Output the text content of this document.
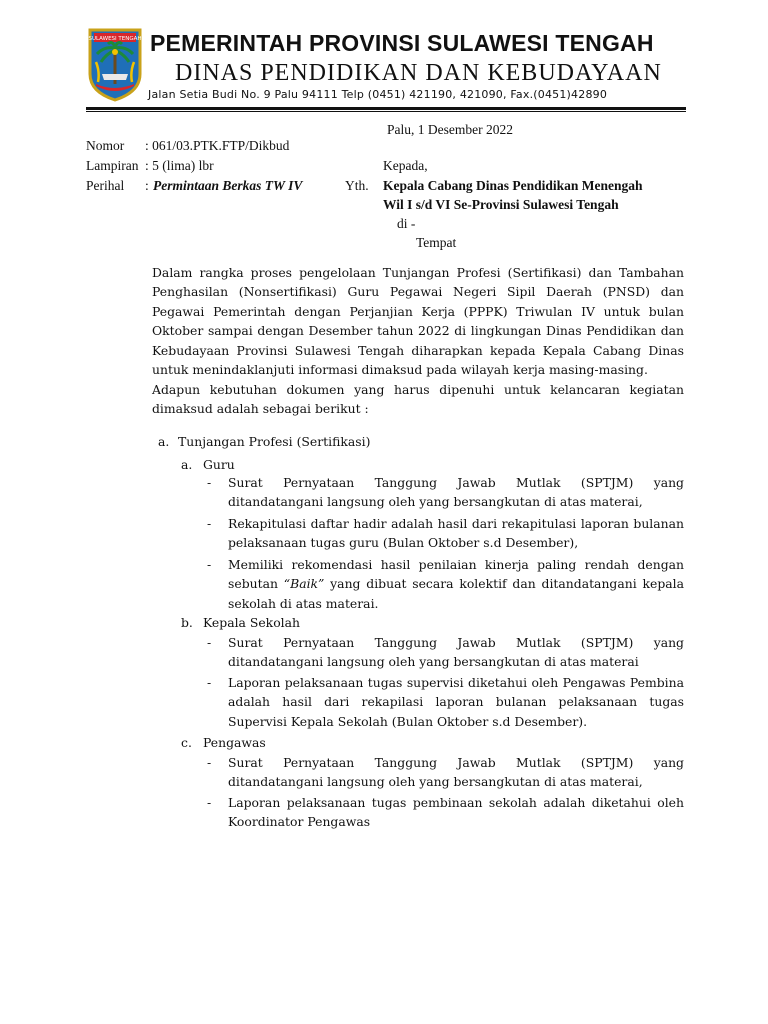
SULAWESI TENGAH PEMERINTAH PROVINSI SULAWESI TENGAH
DINAS PENDIDIKAN DAN KEBUDAYAAN
Jalan Setia Budi No. 9 Palu 94111 Telp (0451) 421190, 421090, Fax.(0451)42890
Palu, 1 Desember 2022
Nomor : 061/03.PTK.FTP/Dikbud
Lampiran : 5 (lima) lbr
Perihal : Permintaan Berkas TW IV
Kepada,
Yth. Kepala Cabang Dinas Pendidikan Menengah
Wil I s/d VI Se-Provinsi Sulawesi Tengah
di -
Tempat
Dalam rangka proses pengelolaan Tunjangan Profesi (Sertifikasi) dan Tambahan Penghasilan (Nonsertifikasi) Guru Pegawai Negeri Sipil Daerah (PNSD) dan Pegawai Pemerintah dengan Perjanjian Kerja (PPPK) Triwulan IV untuk bulan Oktober sampai dengan Desember tahun 2022 di lingkungan Dinas Pendidikan dan Kebudayaan Provinsi Sulawesi Tengah diharapkan kepada Kepala Cabang Dinas untuk menindaklanjuti informasi dimaksud pada wilayah kerja masing-masing.
Adapun kebutuhan dokumen yang harus dipenuhi untuk kelancaran kegiatan dimaksud adalah sebagai berikut :
a. Tunjangan Profesi (Sertifikasi)
a. Guru
- Surat Pernyataan Tanggung Jawab Mutlak (SPTJM) yang ditandatangani langsung oleh yang bersangkutan di atas materai,
- Rekapitulasi daftar hadir adalah hasil dari rekapitulasi laporan bulanan pelaksanaan tugas guru (Bulan Oktober s.d Desember),
- Memiliki rekomendasi hasil penilaian kinerja paling rendah dengan sebutan “Baik” yang dibuat secara kolektif dan ditandatangani kepala sekolah di atas materai.
b. Kepala Sekolah
- Surat Pernyataan Tanggung Jawab Mutlak (SPTJM) yang ditandatangani langsung oleh yang bersangkutan di atas materai
- Laporan pelaksanaan tugas supervisi diketahui oleh Pengawas Pembina adalah hasil dari rekapilasi laporan bulanan pelaksanaan tugas Supervisi Kepala Sekolah (Bulan Oktober s.d Desember).
c. Pengawas
- Surat Pernyataan Tanggung Jawab Mutlak (SPTJM) yang ditandatangani langsung oleh yang bersangkutan di atas materai,
- Laporan pelaksanaan tugas pembinaan sekolah adalah diketahui oleh Koordinator Pengawas
